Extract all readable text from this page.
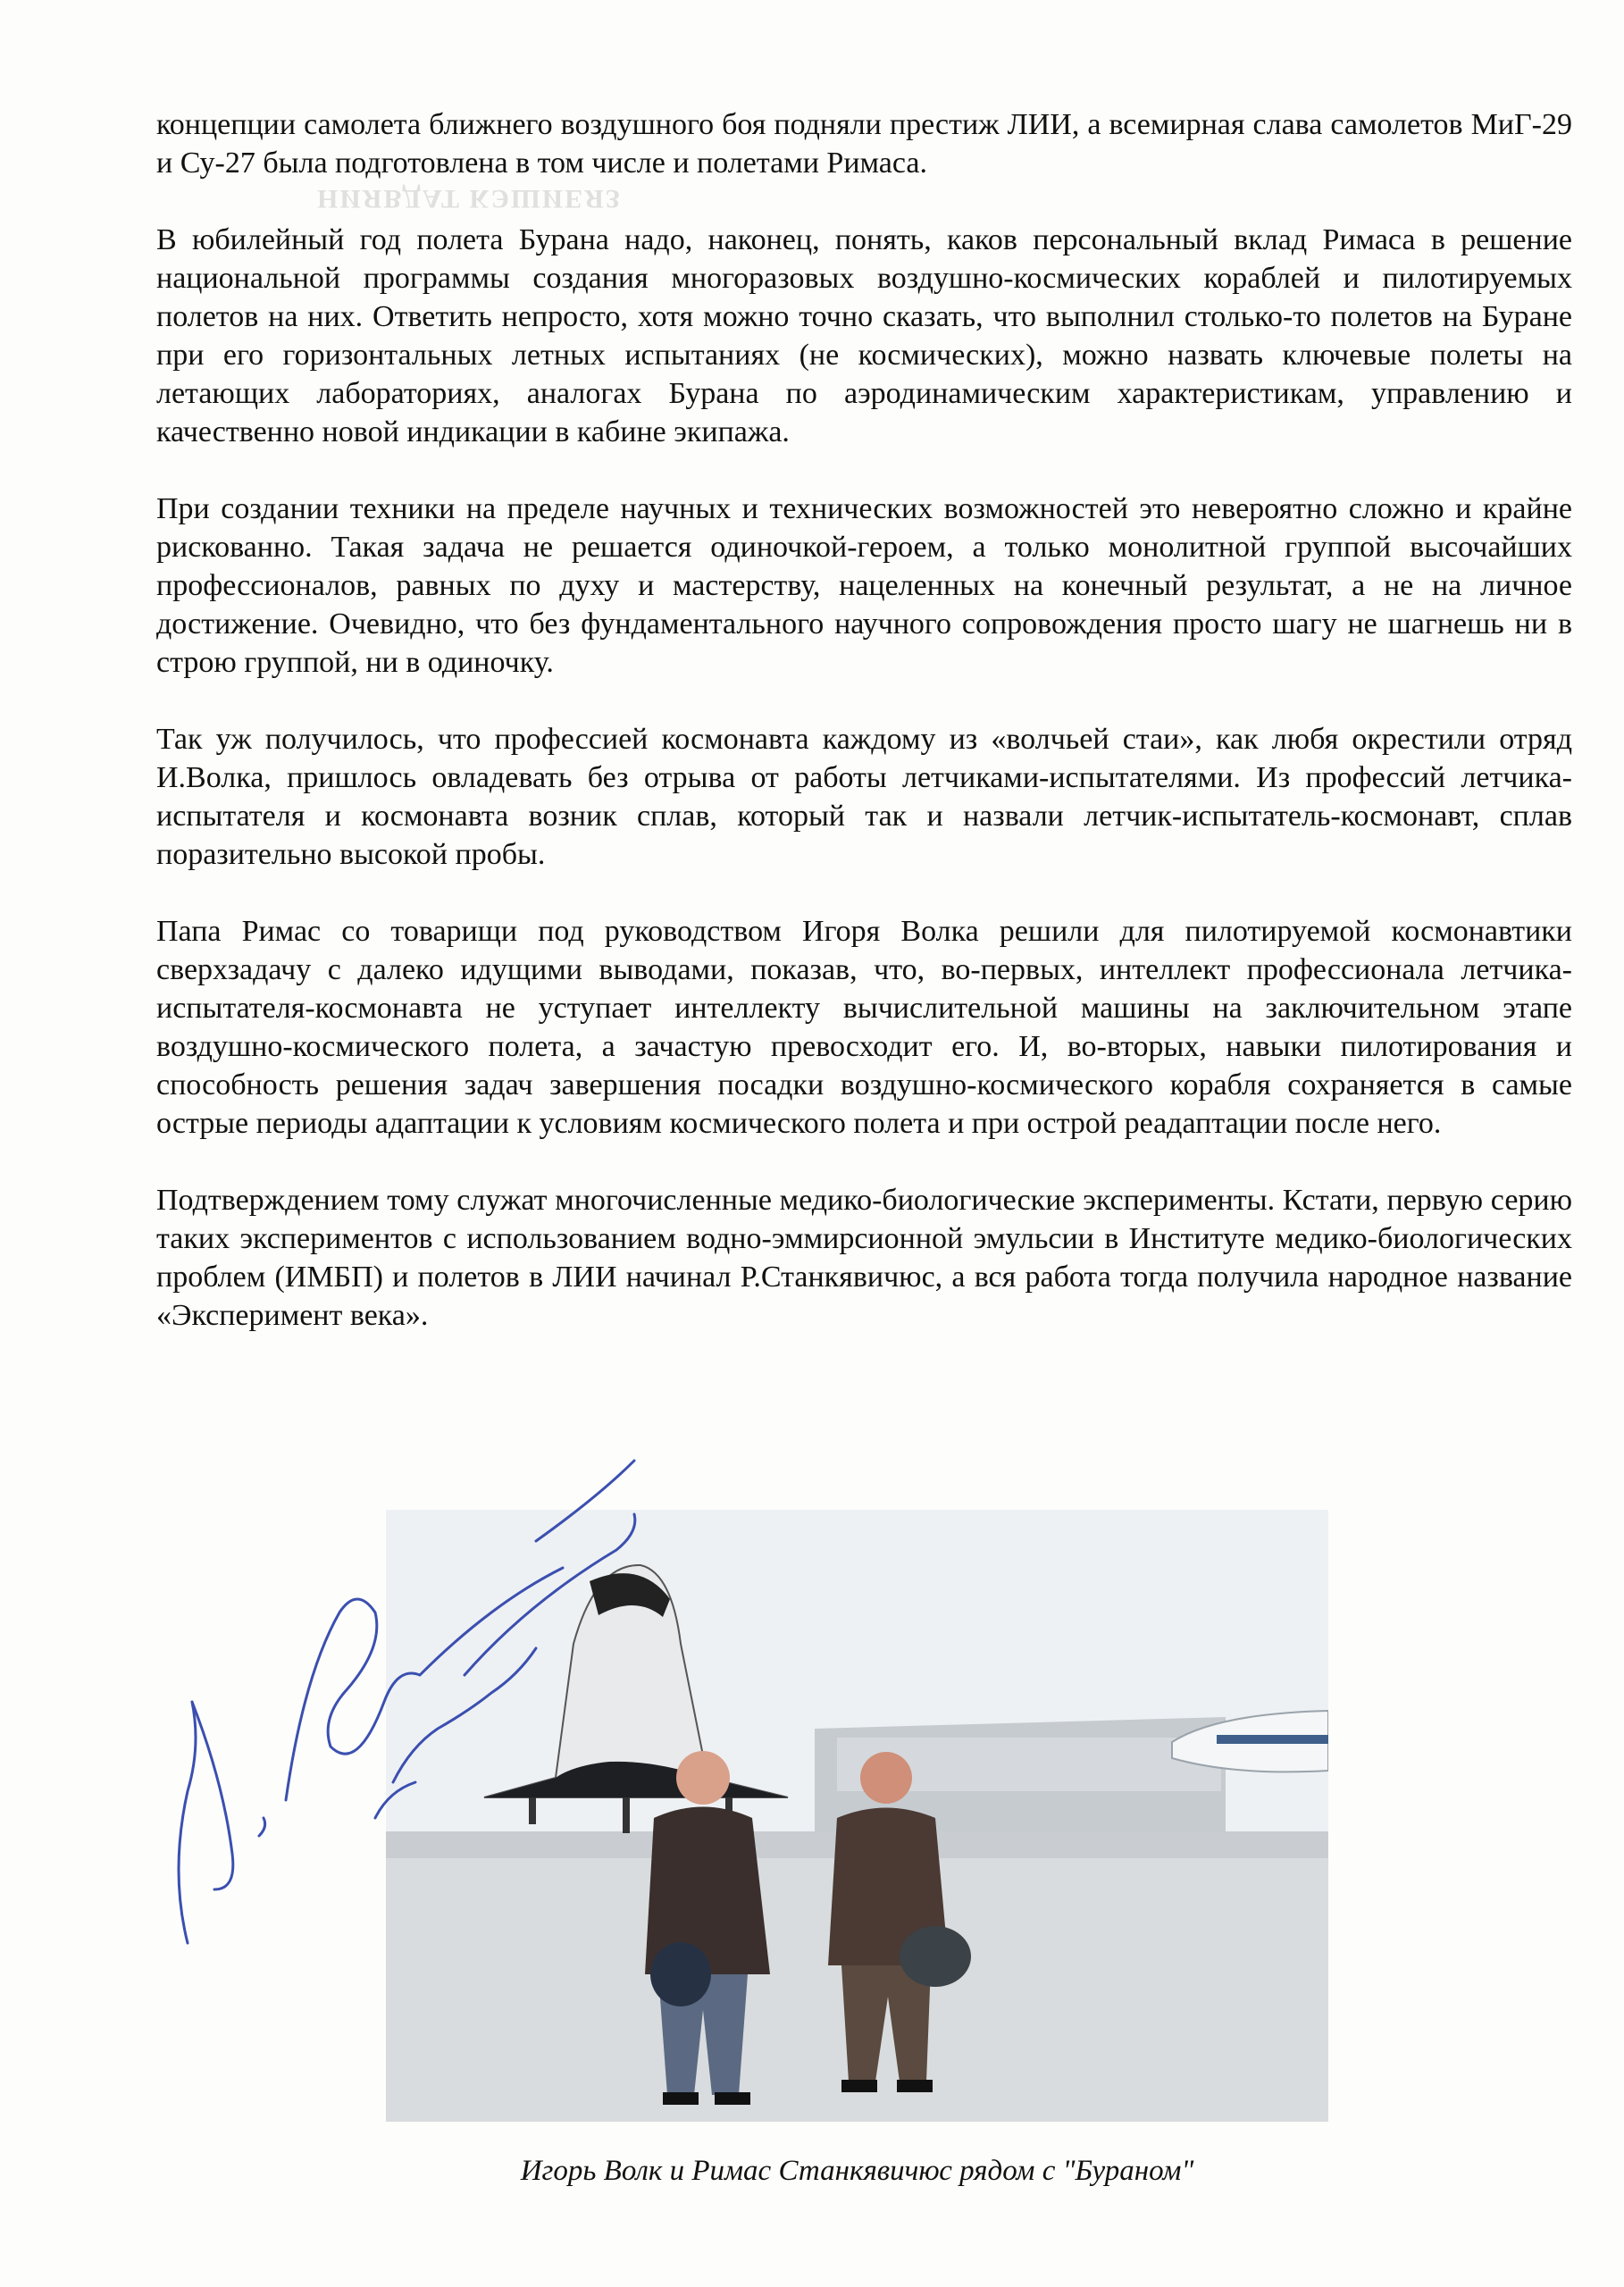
НИЯВДАТ КЭШИЕЯЗ

концепции самолета ближнего воздушного боя подняли престиж ЛИИ, а всемирная слава самолетов МиГ-29 и Су-27 была подготовлена в том числе и полетами Римаса.

В юбилейный год полета Бурана надо, наконец, понять, каков персональный вклад Римаса в решение национальной программы создания многоразовых воздушно-космических кораблей и пилотируемых полетов на них. Ответить непросто, хотя можно точно сказать, что выполнил столько-то полетов на Буране при его горизонтальных летных испытаниях (не космических), можно назвать ключевые полеты на летающих лабораториях, аналогах Бурана по аэродинамическим характеристикам, управлению и качественно новой индикации в кабине экипажа.

При создании техники на пределе научных и технических возможностей это невероятно сложно и крайне рискованно. Такая задача не решается одиночкой-героем, а только монолитной группой высочайших профессионалов, равных по духу и мастерству, нацеленных на конечный результат, а не на личное достижение. Очевидно, что без фундаментального научного сопровождения просто шагу не шагнешь ни в строю группой, ни в одиночку.

Так уж получилось, что профессией космонавта каждому из «волчьей стаи», как любя окрестили отряд И.Волка, пришлось овладевать без отрыва от работы летчиками-испытателями. Из профессий летчика-испытателя и космонавта возник сплав, который так и назвали летчик-испытатель-космонавт, сплав поразительно высокой пробы.

Папа Римас со товарищи под руководством Игоря Волка решили для пилотируемой космонавтики сверхзадачу с далеко идущими выводами, показав, что, во-первых, интеллект профессионала летчика-испытателя-космонавта не уступает интеллекту вычислительной машины на заключительном этапе воздушно-космического полета, а зачастую превосходит его. И, во-вторых, навыки пилотирования и способность решения задач завершения посадки воздушно-космического корабля сохраняется в самые острые периоды адаптации к условиям космического полета и при острой реадаптации после него.

Подтверждением тому служат многочисленные медико-биологические эксперименты. Кстати, первую серию таких экспериментов с использованием водно-эммирсионной эмульсии в Институте медико-биологических проблем (ИМБП) и полетов в ЛИИ начинал Р.Станкявичюс, а вся работа тогда получила народное название «Эксперимент века».

Игорь Волк и Римас Станкявичюс рядом с "Бураном"
